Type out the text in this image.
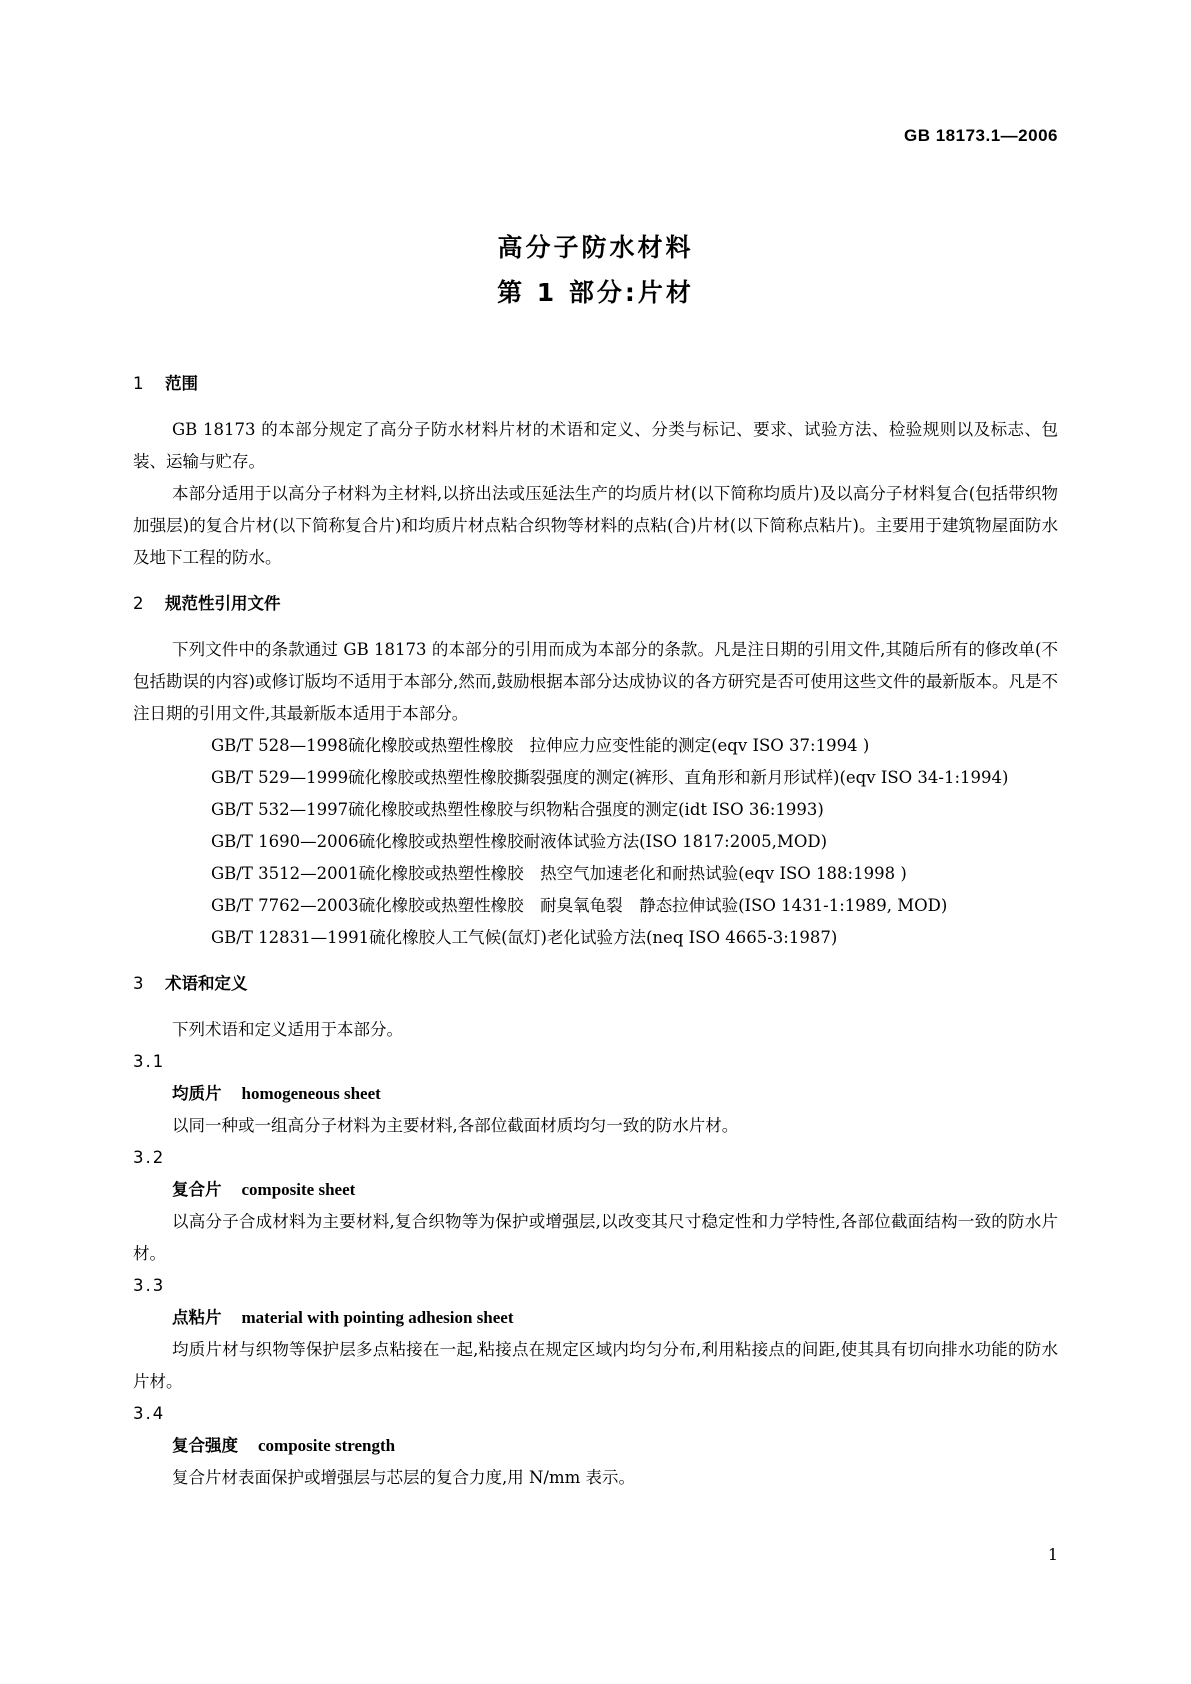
GB 18173.1—2006
高分子防水材料
第 1 部分:片材
1 范围

GB 18173 的本部分规定了高分子防水材料片材的术语和定义、分类与标记、要求、试验方法、检验规则以及标志、包装、运输与贮存。

本部分适用于以高分子材料为主材料,以挤出法或压延法生产的均质片材(以下简称均质片)及以高分子材料复合(包括带织物加强层)的复合片材(以下简称复合片)和均质片材点粘合织物等材料的点粘(合)片材(以下简称点粘片)。主要用于建筑物屋面防水及地下工程的防水。

2 规范性引用文件

下列文件中的条款通过 GB 18173 的本部分的引用而成为本部分的条款。凡是注日期的引用文件,其随后所有的修改单(不包括勘误的内容)或修订版均不适用于本部分,然而,鼓励根据本部分达成协议的各方研究是否可使用这些文件的最新版本。凡是不注日期的引用文件,其最新版本适用于本部分。

GB/T 528—1998硫化橡胶或热塑性橡胶　拉伸应力应变性能的测定(eqv ISO 37:1994 )

GB/T 529—1999硫化橡胶或热塑性橡胶撕裂强度的测定(裤形、直角形和新月形试样)(eqv ISO 34-1:1994)

GB/T 532—1997硫化橡胶或热塑性橡胶与织物粘合强度的测定(idt ISO 36:1993)

GB/T 1690—2006硫化橡胶或热塑性橡胶耐液体试验方法(ISO 1817:2005,MOD)

GB/T 3512—2001硫化橡胶或热塑性橡胶　热空气加速老化和耐热试验(eqv ISO 188:1998 )

GB/T 7762—2003硫化橡胶或热塑性橡胶　耐臭氧龟裂　静态拉伸试验(ISO 1431-1:1989, MOD)

GB/T 12831—1991硫化橡胶人工气候(氙灯)老化试验方法(neq ISO 4665-3:1987)

3 术语和定义

下列术语和定义适用于本部分。

3.1

均质片 homogeneous sheet

以同一种或一组高分子材料为主要材料,各部位截面材质均匀一致的防水片材。

3.2

复合片 composite sheet

以高分子合成材料为主要材料,复合织物等为保护或增强层,以改变其尺寸稳定性和力学特性,各部位截面结构一致的防水片材。

3.3

点粘片 material with pointing adhesion sheet

均质片材与织物等保护层多点粘接在一起,粘接点在规定区域内均匀分布,利用粘接点的间距,使其具有切向排水功能的防水片材。

3.4

复合强度 composite strength

复合片材表面保护或增强层与芯层的复合力度,用 N/mm 表示。

1
